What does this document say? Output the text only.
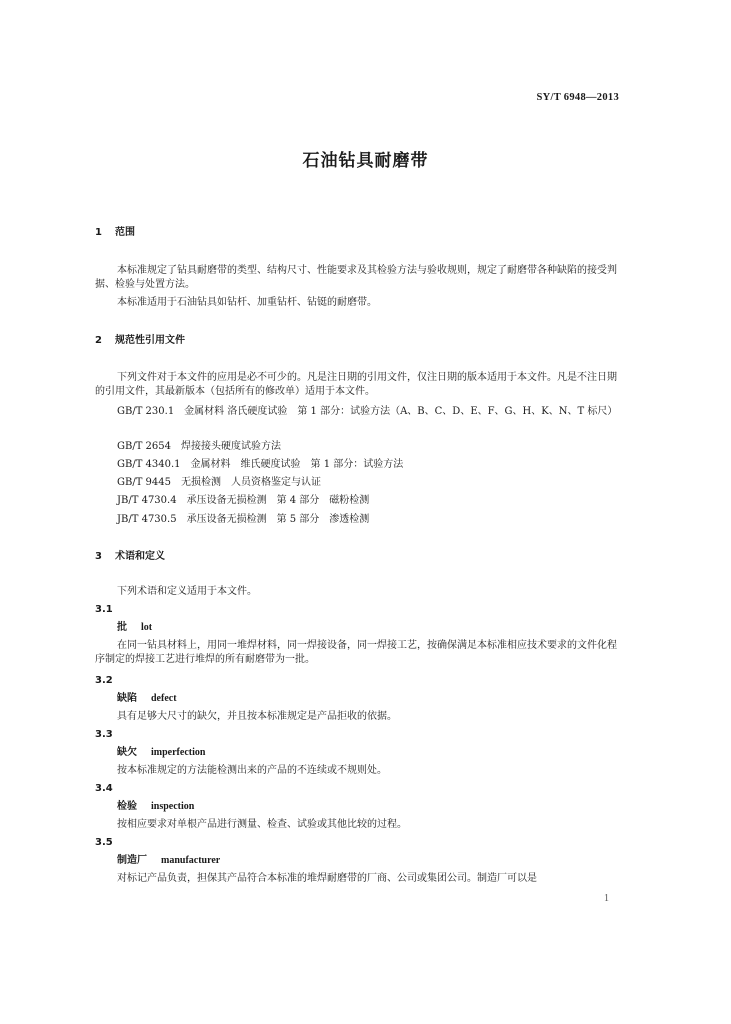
SY/T 6948—2013
石油钻具耐磨带
1 范围
本标准规定了钻具耐磨带的类型、结构尺寸、性能要求及其检验方法与验收规则，规定了耐磨带各种缺陷的接受判据、检验与处置方法。
本标准适用于石油钻具如钻杆、加重钻杆、钻铤的耐磨带。
2 规范性引用文件
下列文件对于本文件的应用是必不可少的。凡是注日期的引用文件，仅注日期的版本适用于本文件。凡是不注日期的引用文件，其最新版本（包括所有的修改单）适用于本文件。
GB/T 230.1　金属材料 洛氏硬度试验　第 1 部分：试验方法（A、B、C、D、E、F、G、H、K、N、T 标尺）
GB/T 2654　焊接接头硬度试验方法
GB/T 4340.1　金属材料　维氏硬度试验　第 1 部分：试验方法
GB/T 9445　无损检测　人员资格鉴定与认证
JB/T 4730.4　承压设备无损检测　第 4 部分　磁粉检测
JB/T 4730.5　承压设备无损检测　第 5 部分　渗透检测
3 术语和定义
下列术语和定义适用于本文件。
3.1
批 lot
在同一钻具材料上，用同一堆焊材料，同一焊接设备，同一焊接工艺，按确保满足本标准相应技术要求的文件化程序制定的焊接工艺进行堆焊的所有耐磨带为一批。
3.2
缺陷 defect
具有足够大尺寸的缺欠，并且按本标准规定是产品拒收的依据。
3.3
缺欠 imperfection
按本标准规定的方法能检测出来的产品的不连续或不规则处。
3.4
检验 inspection
按相应要求对单根产品进行测量、检查、试验或其他比较的过程。
3.5
制造厂 manufacturer
对标记产品负责，担保其产品符合本标准的堆焊耐磨带的厂商、公司或集团公司。制造厂可以是
1
